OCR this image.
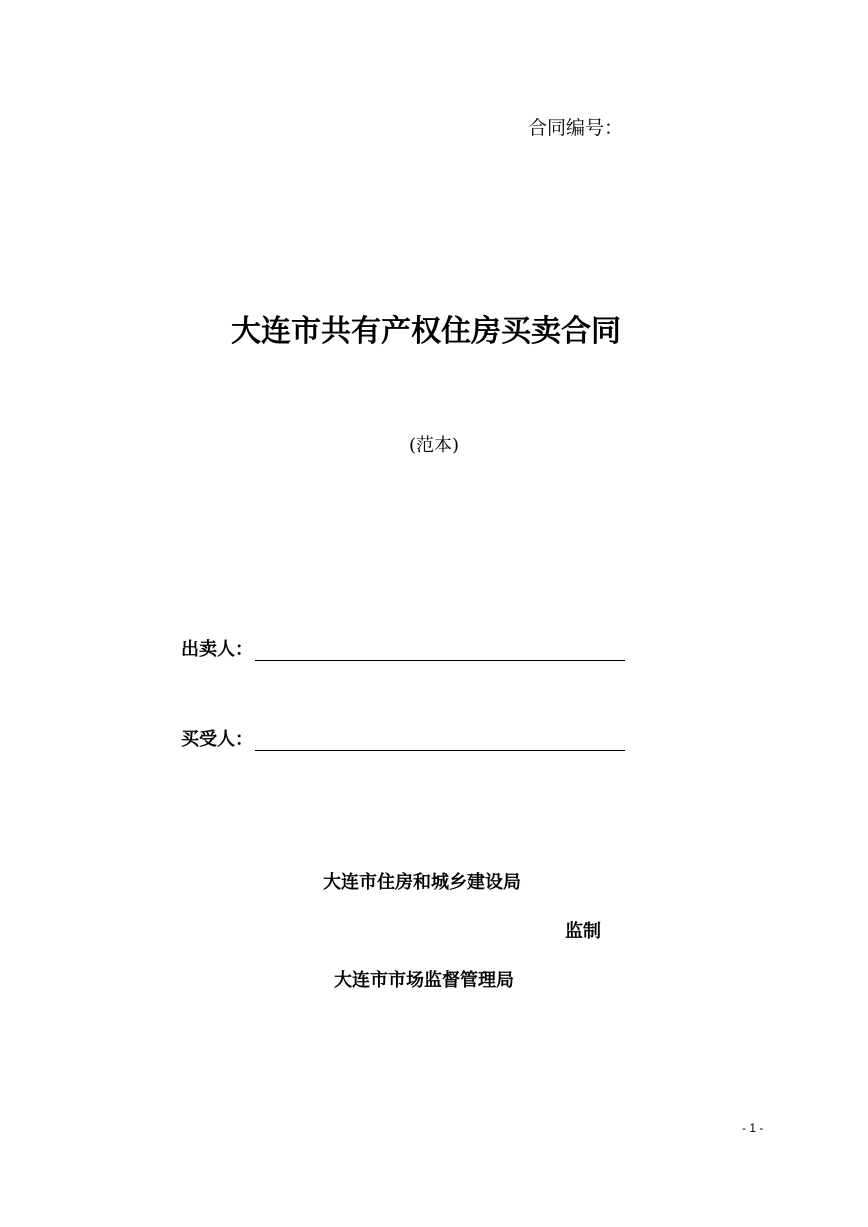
合同编号：
大连市共有产权住房买卖合同
(范本)
出卖人：
买受人：
大连市住房和城乡建设局
监制
大连市市场监督管理局
- 1 -
